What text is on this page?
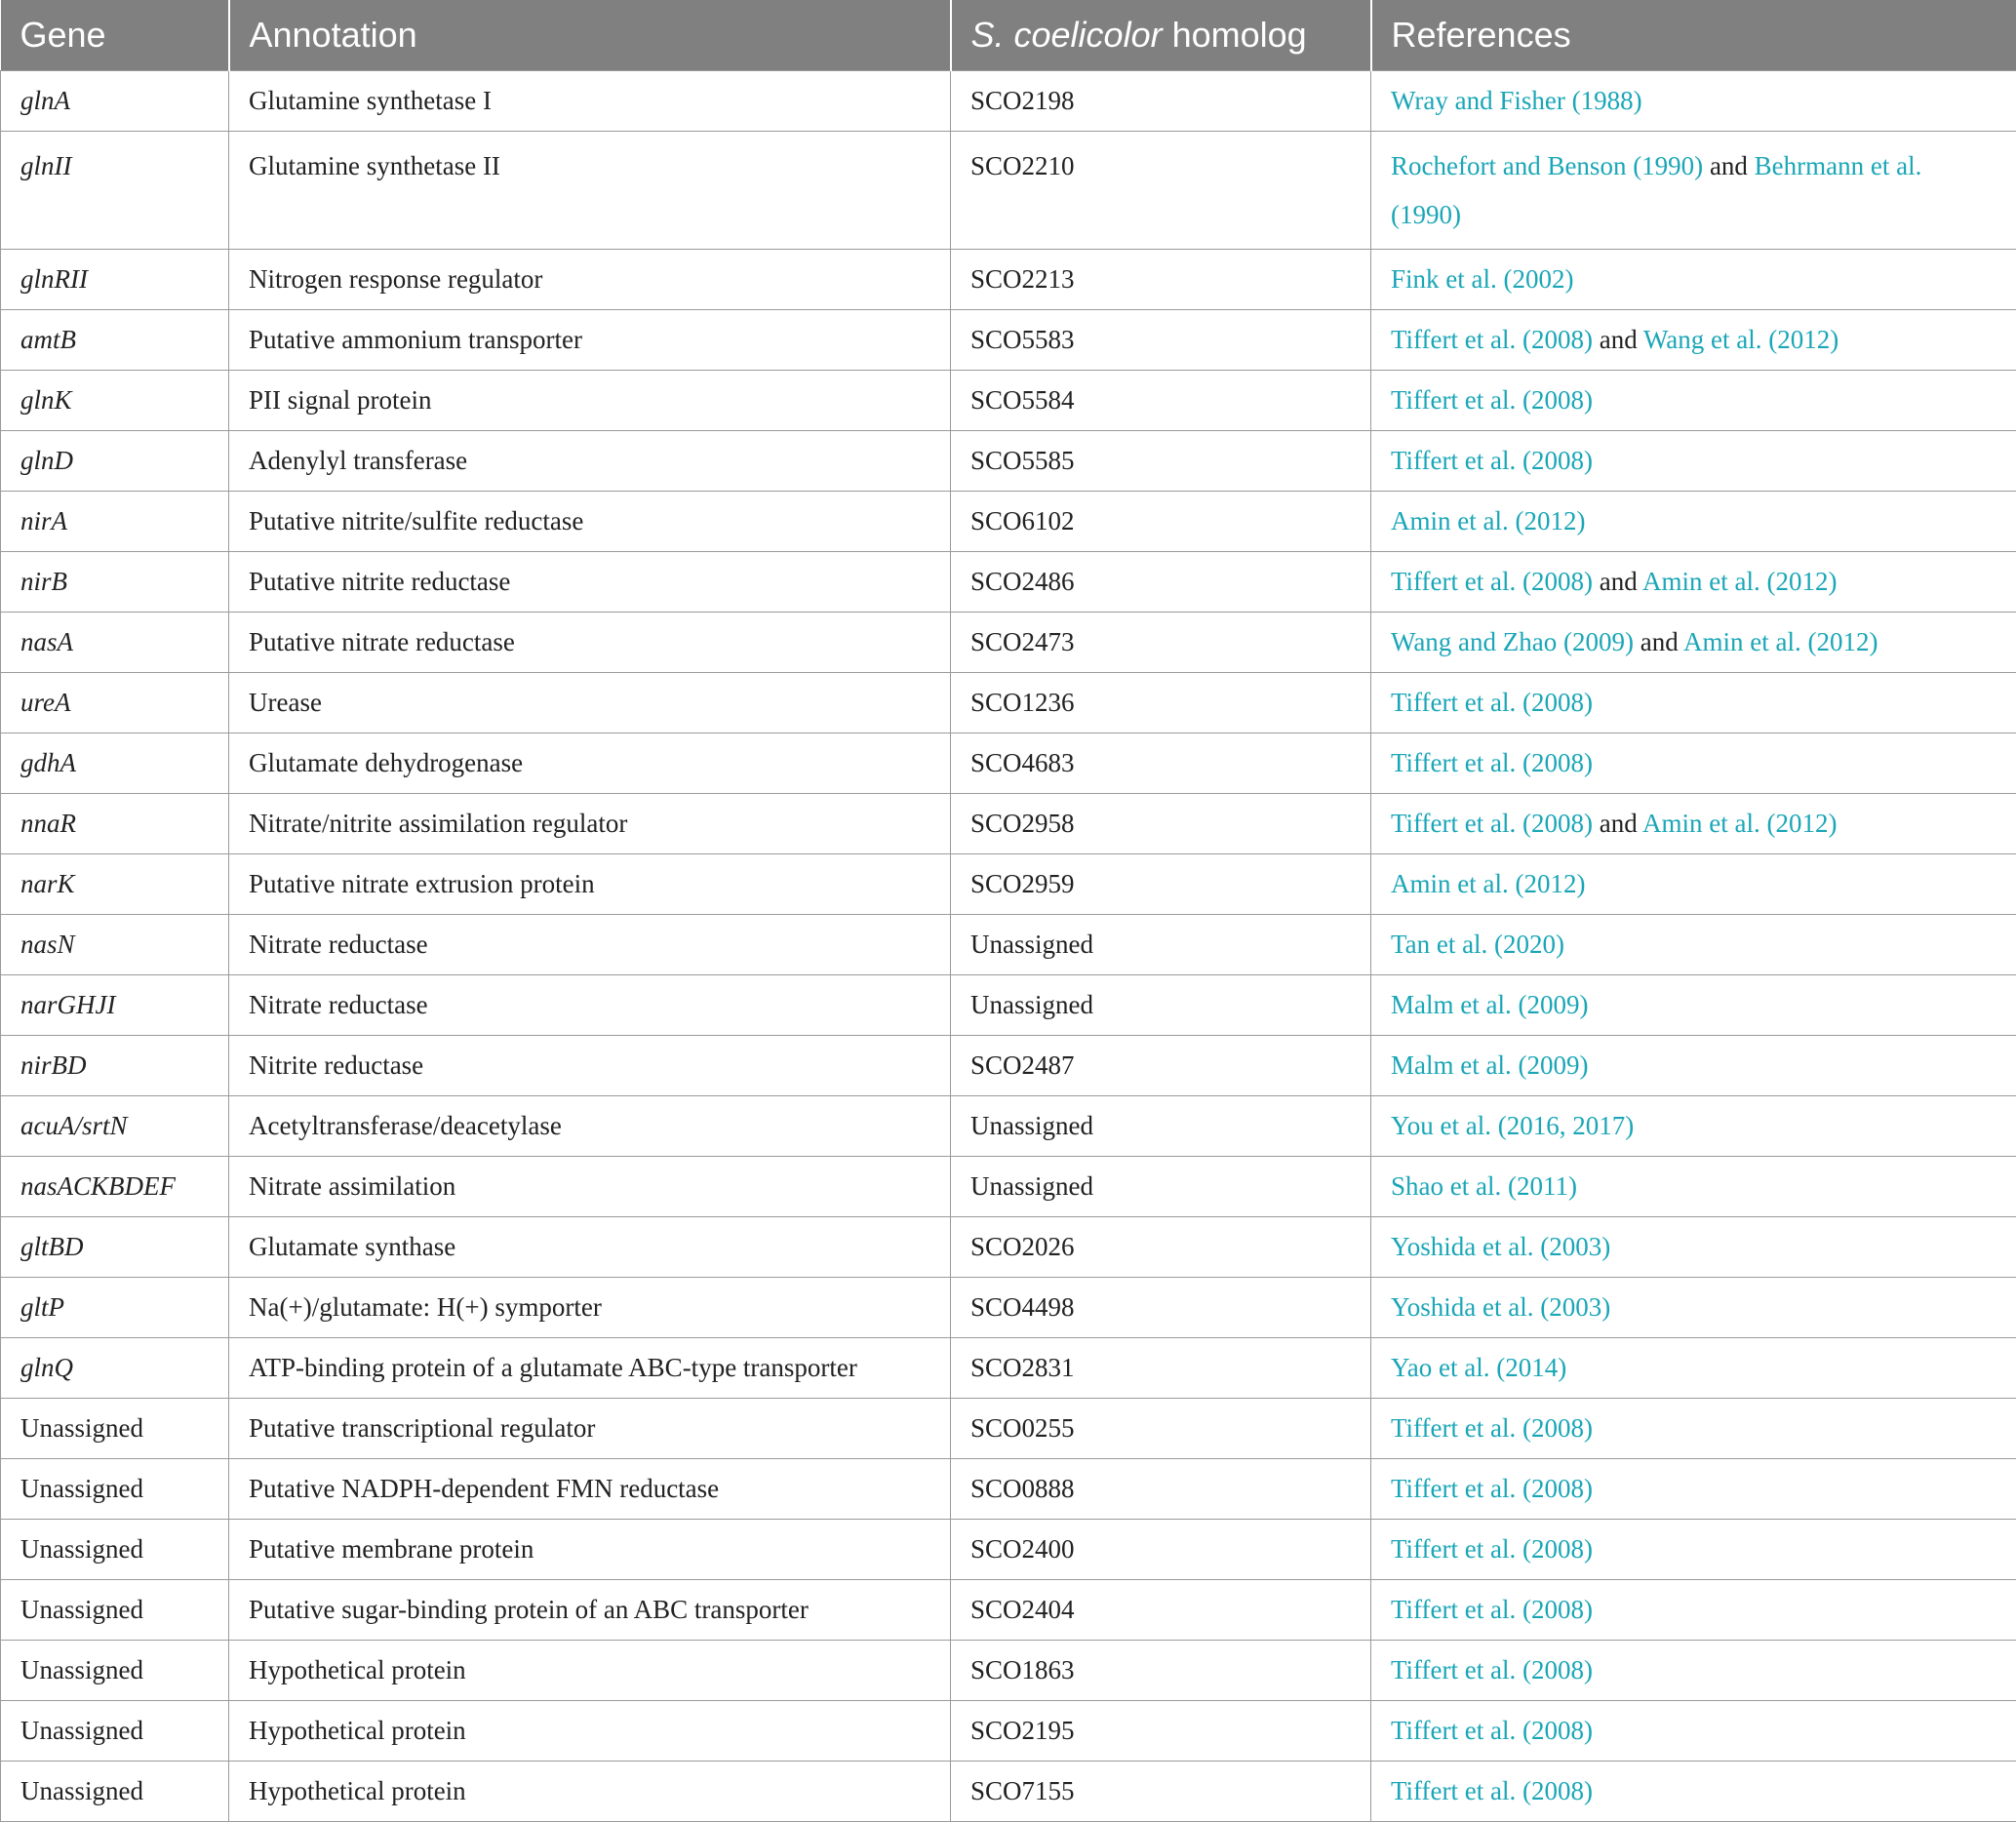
Gene	Annotation	S. coelicolor homolog	References
glnA	Glutamine synthetase I	SCO2198	Wray and Fisher (1988)
glnII	Glutamine synthetase II	SCO2210	Rochefort and Benson (1990) and Behrmann et al. (1990)
glnRII	Nitrogen response regulator	SCO2213	Fink et al. (2002)
amtB	Putative ammonium transporter	SCO5583	Tiffert et al. (2008) and Wang et al. (2012)
glnK	PII signal protein	SCO5584	Tiffert et al. (2008)
glnD	Adenylyl transferase	SCO5585	Tiffert et al. (2008)
nirA	Putative nitrite/sulfite reductase	SCO6102	Amin et al. (2012)
nirB	Putative nitrite reductase	SCO2486	Tiffert et al. (2008) and Amin et al. (2012)
nasA	Putative nitrate reductase	SCO2473	Wang and Zhao (2009) and Amin et al. (2012)
ureA	Urease	SCO1236	Tiffert et al. (2008)
gdhA	Glutamate dehydrogenase	SCO4683	Tiffert et al. (2008)
nnaR	Nitrate/nitrite assimilation regulator	SCO2958	Tiffert et al. (2008) and Amin et al. (2012)
narK	Putative nitrate extrusion protein	SCO2959	Amin et al. (2012)
nasN	Nitrate reductase	Unassigned	Tan et al. (2020)
narGHJI	Nitrate reductase	Unassigned	Malm et al. (2009)
nirBD	Nitrite reductase	SCO2487	Malm et al. (2009)
acuA/srtN	Acetyltransferase/deacetylase	Unassigned	You et al. (2016, 2017)
nasACKBDEF	Nitrate assimilation	Unassigned	Shao et al. (2011)
gltBD	Glutamate synthase	SCO2026	Yoshida et al. (2003)
gltP	Na(+)/glutamate: H(+) symporter	SCO4498	Yoshida et al. (2003)
glnQ	ATP-binding protein of a glutamate ABC-type transporter	SCO2831	Yao et al. (2014)
Unassigned	Putative transcriptional regulator	SCO0255	Tiffert et al. (2008)
Unassigned	Putative NADPH-dependent FMN reductase	SCO0888	Tiffert et al. (2008)
Unassigned	Putative membrane protein	SCO2400	Tiffert et al. (2008)
Unassigned	Putative sugar-binding protein of an ABC transporter	SCO2404	Tiffert et al. (2008)
Unassigned	Hypothetical protein	SCO1863	Tiffert et al. (2008)
Unassigned	Hypothetical protein	SCO2195	Tiffert et al. (2008)
Unassigned	Hypothetical protein	SCO7155	Tiffert et al. (2008)
